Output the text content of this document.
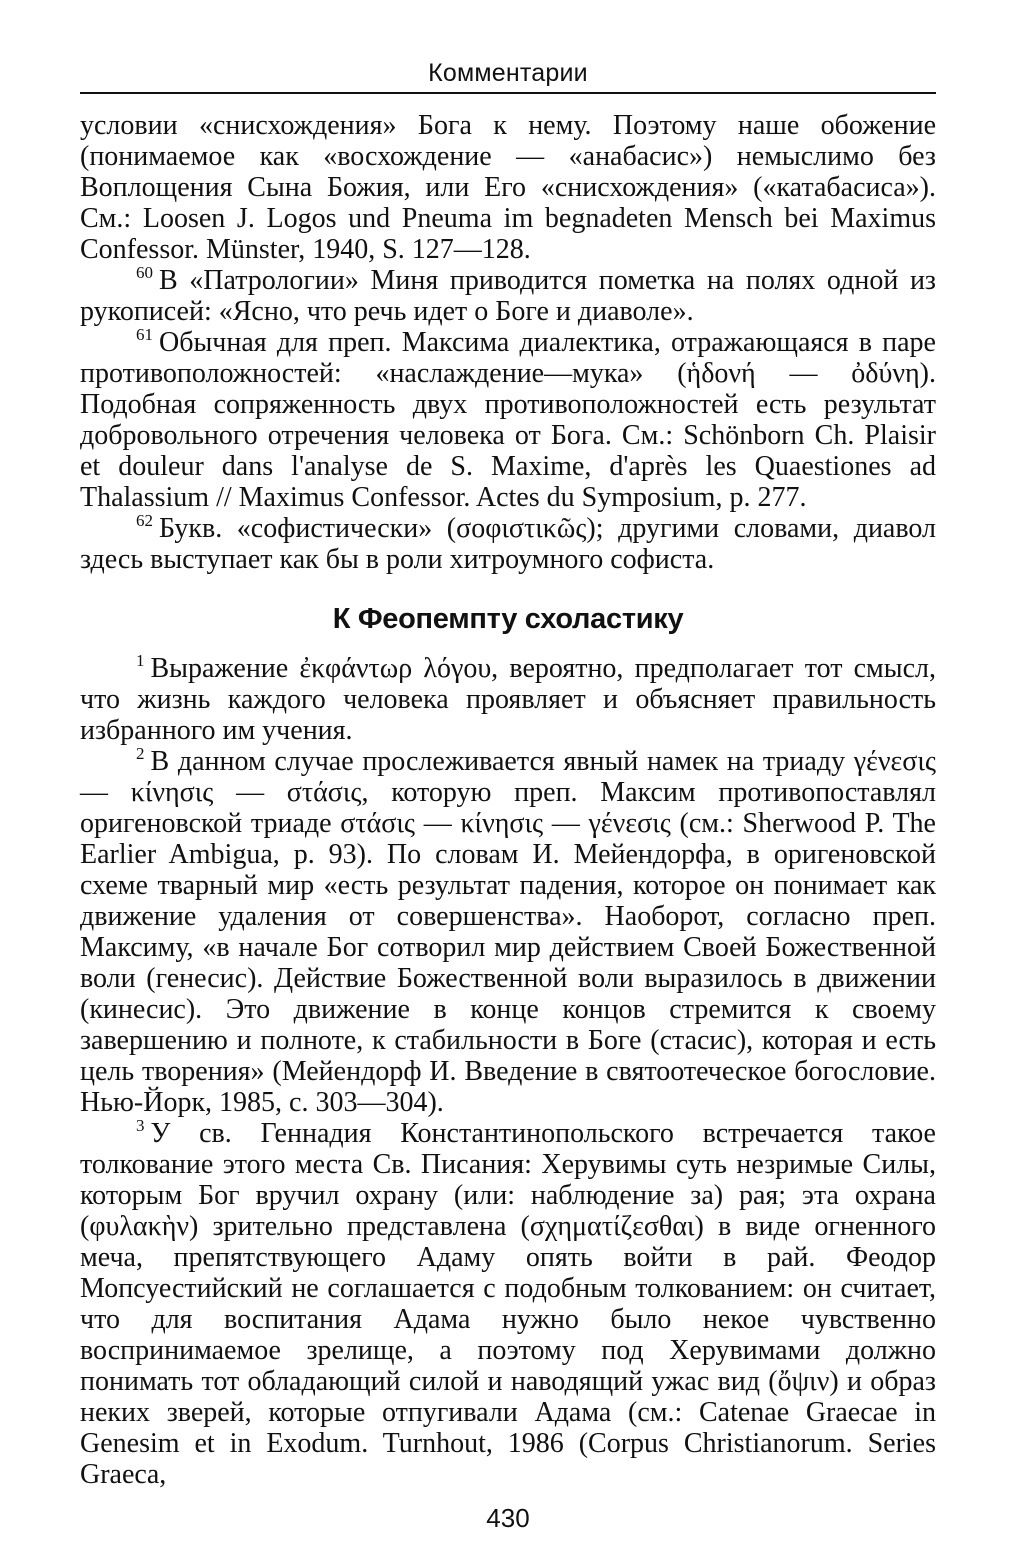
Комментарии

условии «снисхождения» Бога к нему. Поэтому наше обожение (понимаемое как «восхождение — «анабасис») немыслимо без Воплощения Сына Божия, или Его «снисхождения» («катабасиса»). См.: Loosen J. Logos und Pneuma im begnadeten Mensch bei Maximus Confessor. Münster, 1940, S. 127—128.

$^{60}$ В «Патрологии» Миня приводится пометка на полях одной из рукописей: «Ясно, что речь идет о Боге и диаволе».

$^{61}$ Обычная для преп. Максима диалектика, отражающаяся в паре противоположностей: «наслаждение—мука» (ἡδονή — ὀδύνη). Подобная сопряженность двух противоположностей есть результат добровольного отречения человека от Бога. См.: Schönborn Ch. Plaisir et douleur dans l'analyse de S. Maxime, d'après les Quaestiones ad Thalassium // Maximus Confessor. Actes du Symposium, p. 277.

$^{62}$ Букв. «софистически» (σοφιστικῶς); другими словами, диавол здесь выступает как бы в роли хитроумного софиста.

К Феопемпту схоластику

$^1$ Выражение ἐκφάντωρ λόγου, вероятно, предполагает тот смысл, что жизнь каждого человека проявляет и объясняет правильность избранного им учения.

$^2$ В данном случае прослеживается явный намек на триаду γένεσις — κίνησις — στάσις, которую преп. Максим противопоставлял оригеновской триаде στάσις — κίνησις — γένεσις (см.: Sherwood P. The Earlier Ambigua, p. 93). По словам И. Мейендорфа, в оригеновской схеме тварный мир «есть результат падения, которое он понимает как движение удаления от совершенства». Наоборот, согласно преп. Максиму, «в начале Бог сотворил мир действием Своей Божественной воли (генесис). Действие Божественной воли выразилось в движении (кинесис). Это движение в конце концов стремится к своему завершению и полноте, к стабильности в Боге (стасис), которая и есть цель творения» (Мейендорф И. Введение в святоотеческое богословие. Нью-Йорк, 1985, с. 303—304).

$^3$ У св. Геннадия Константинопольского встречается такое толкование этого места Св. Писания: Херувимы суть незримые Силы, которым Бог вручил охрану (или: наблюдение за) рая; эта охрана (φυλακὴν) зрительно представлена (σχηματίζεσθαι) в виде огненного меча, препятствующего Адаму опять войти в рай. Феодор Мопсуестийский не соглашается с подобным толкованием: он считает, что для воспитания Адама нужно было некое чувственно воспринимаемое зрелище, а поэтому под Херувимами должно понимать тот обладающий силой и наводящий ужас вид (ὄψιν) и образ неких зверей, которые отпугивали Адама (см.: Catenae Graecae in Genesim et in Exodum. Turnhout, 1986 (Corpus Christianorum. Series Graeca,

430
